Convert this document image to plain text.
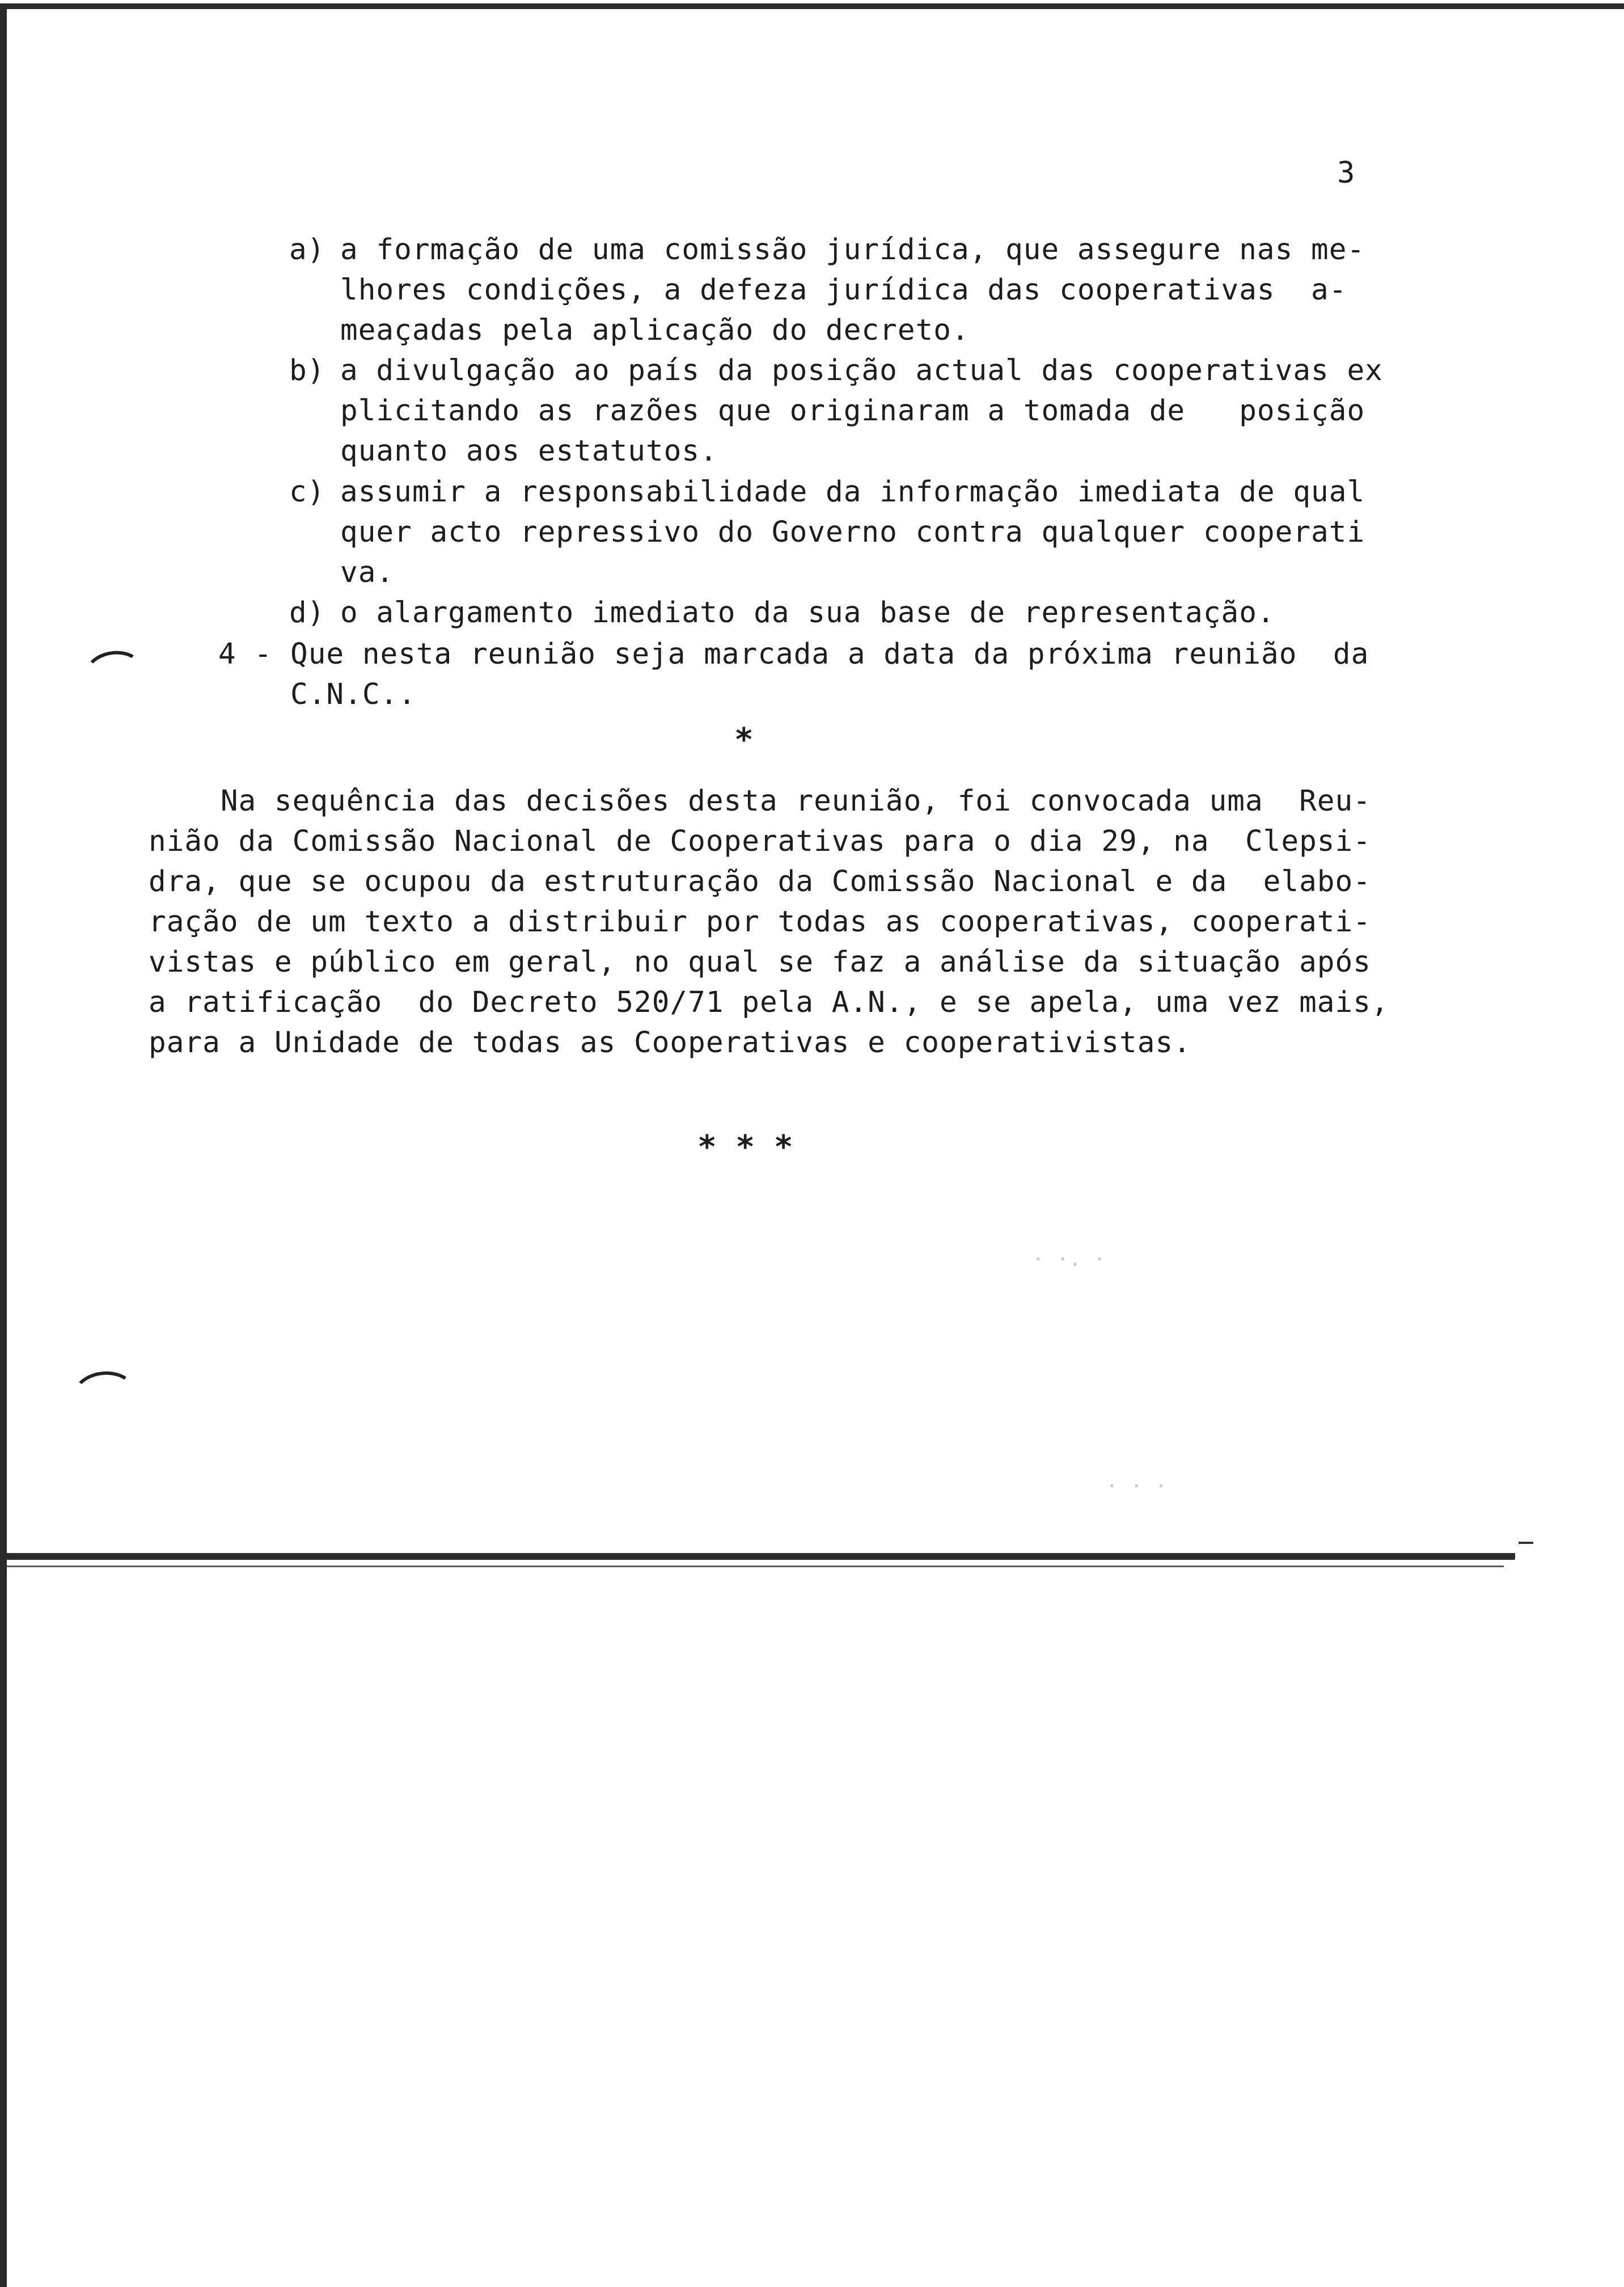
3
a) a formação de uma comissão jurídica, que assegure nas me-
lhores condições, a defeza jurídica das cooperativas  a-
meaçadas pela aplicação do decreto.
b) a divulgação ao país da posição actual das cooperativas ex
plicitando as razões que originaram a tomada de   posição
quanto aos estatutos.
c) assumir a responsabilidade da informação imediata de qual
quer acto repressivo do Governo contra qualquer cooperati
va.
d) o alargamento imediato da sua base de representação.
4 - Que nesta reunião seja marcada a data da próxima reunião  da
C.N.C..
*
Na sequência das decisões desta reunião, foi convocada uma  Reu-
nião da Comissão Nacional de Cooperativas para o dia 29, na  Clepsi-
dra, que se ocupou da estruturação da Comissão Nacional e da  elabo-
ração de um texto a distribuir por todas as cooperativas, cooperati-
vistas e público em geral, no qual se faz a análise da situação após
a ratificação  do Decreto 520/71 pela A.N., e se apela, uma vez mais,
para a Unidade de todas as Cooperativas e cooperativistas.
* * *
· ·. ·
· · ·
